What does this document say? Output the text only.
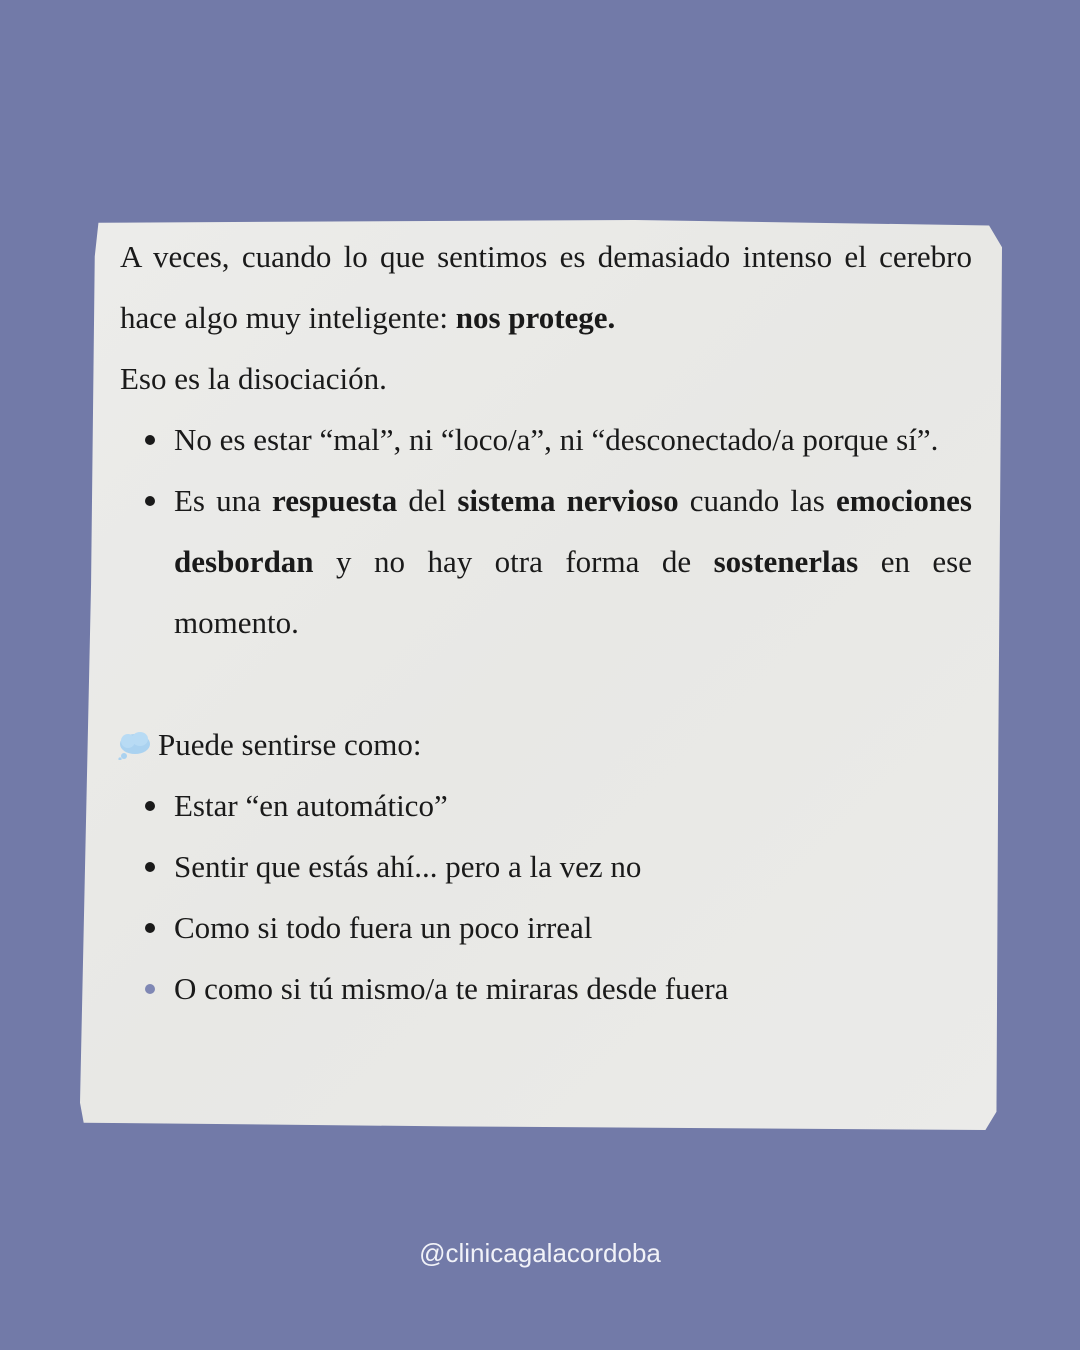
A veces, cuando lo que sentimos es demasiado intenso el cerebro hace algo muy inteligente: nos protege.

Eso es la disociación.

No es estar “mal”, ni “loco/a”, ni “desconectado/a porque sí”.
Es una respuesta del sistema nervioso cuando las emociones desbordan y no hay otra forma de sostenerlas en ese momento.
Puede sentirse como:
Estar “en automático”
Sentir que estás ahí... pero a la vez no
Como si todo fuera un poco irreal
O como si tú mismo/a te miraras desde fuera
@clinicagalacordoba
